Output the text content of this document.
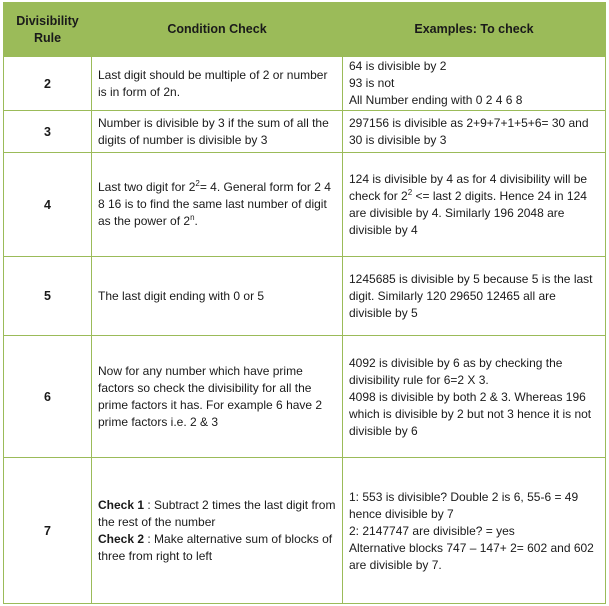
Divisibility Rule	Condition Check	Examples: To check
2	Last digit should be multiple of 2 or number is in form of 2n.	64 is divisible by 2
93 is not
All Number ending with 0 2 4 6 8

3	Number is divisible by 3 if the sum of all the digits of number is divisible by 3	297156 is divisible as 2+9+7+1+5+6= 30 and 30 is divisible by 3

4	Last two digit for $2^2= 4$. General form for 2 4 8 16 is to find the same last number of digit as the power of 2$^n$.	124 is divisible by 4 as for 4 divisibility will be check for $2^2$ <= last 2 digits. Hence 24 in 124 are divisible by 4. Similarly 196 2048 are divisible by 4

5	The last digit ending with 0 or 5	1245685 is divisible by 5 because 5 is the last digit. Similarly 120 29650 12465 all are divisible by 5

6	Now for any number which have prime factors so check the divisibility for all the prime factors it has. For example 6 have 2 prime factors i.e. 2 & 3	4092 is divisible by 6 as by checking the divisibility rule for 6=2 X 3.
4098 is divisible by both 2 & 3. Whereas 196 which is divisible by 2 but not 3 hence it is not divisible by 6

7	Check 1 : Subtract 2 times the last digit from the rest of the number
Check 2 : Make alternative sum of blocks of three from right to left	1: 553 is divisible? Double 2 is 6, 55-6 = 49 hence divisible by 7
2: 2147747 are divisible? = yes
Alternative blocks 747 – 147+ 2= 602 and 602 are divisible by 7.
